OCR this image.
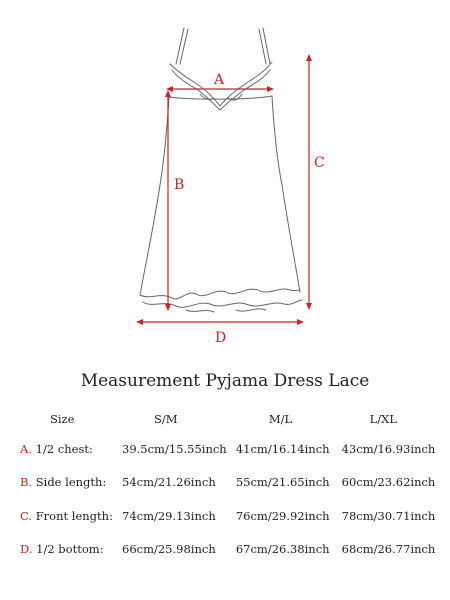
A
B
C
D
Measurement Pyjama Dress Lace
Size	S/M	M/L	L/XL
A. 1/2 chest:	39.5cm/15.55inch	41cm/16.14inch	43cm/16.93inch
B. Side length:	54cm/21.26inch	55cm/21.65inch	60cm/23.62inch
C. Front length:	74cm/29.13inch	76cm/29.92inch	78cm/30.71inch
D. 1/2 bottom:	66cm/25.98inch	67cm/26.38inch	68cm/26.77inch
